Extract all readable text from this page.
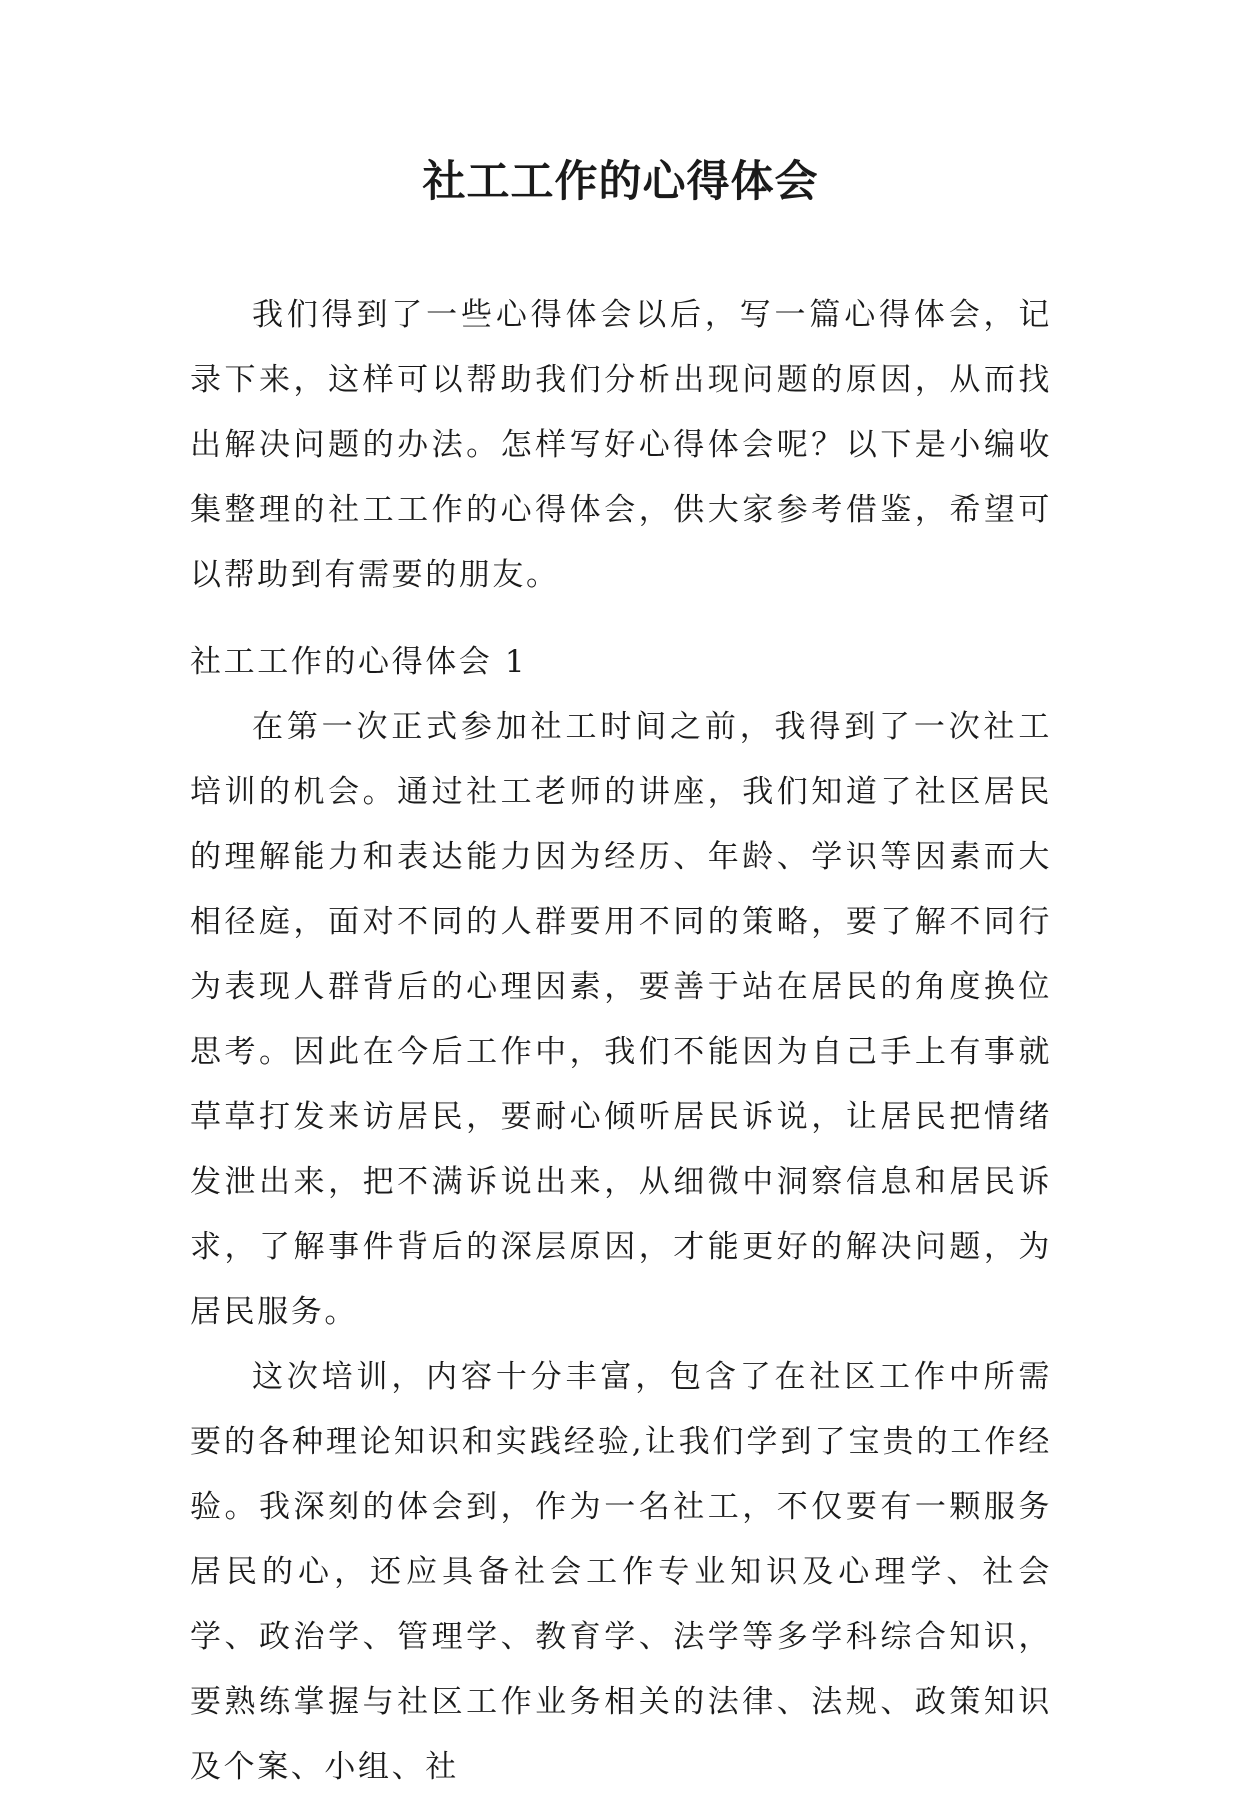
社工工作的心得体会

我们得到了一些心得体会以后，写一篇心得体会，记录下来，这样可以帮助我们分析出现问题的原因，从而找出解决问题的办法。怎样写好心得体会呢？以下是小编收集整理的社工工作的心得体会，供大家参考借鉴，希望可以帮助到有需要的朋友。

社工工作的心得体会 1

在第一次正式参加社工时间之前，我得到了一次社工培训的机会。通过社工老师的讲座，我们知道了社区居民的理解能力和表达能力因为经历、年龄、学识等因素而大相径庭，面对不同的人群要用不同的策略，要了解不同行为表现人群背后的心理因素，要善于站在居民的角度换位思考。因此在今后工作中，我们不能因为自己手上有事就草草打发来访居民，要耐心倾听居民诉说，让居民把情绪发泄出来，把不满诉说出来，从细微中洞察信息和居民诉求，了解事件背后的深层原因，才能更好的解决问题，为居民服务。

这次培训，内容十分丰富，包含了在社区工作中所需要的各种理论知识和实践经验,让我们学到了宝贵的工作经验。我深刻的体会到，作为一名社工，不仅要有一颗服务居民的心，还应具备社会工作专业知识及心理学、社会学、政治学、管理学、教育学、法学等多学科综合知识，要熟练掌握与社区工作业务相关的法律、法规、政策知识及个案、小组、社
